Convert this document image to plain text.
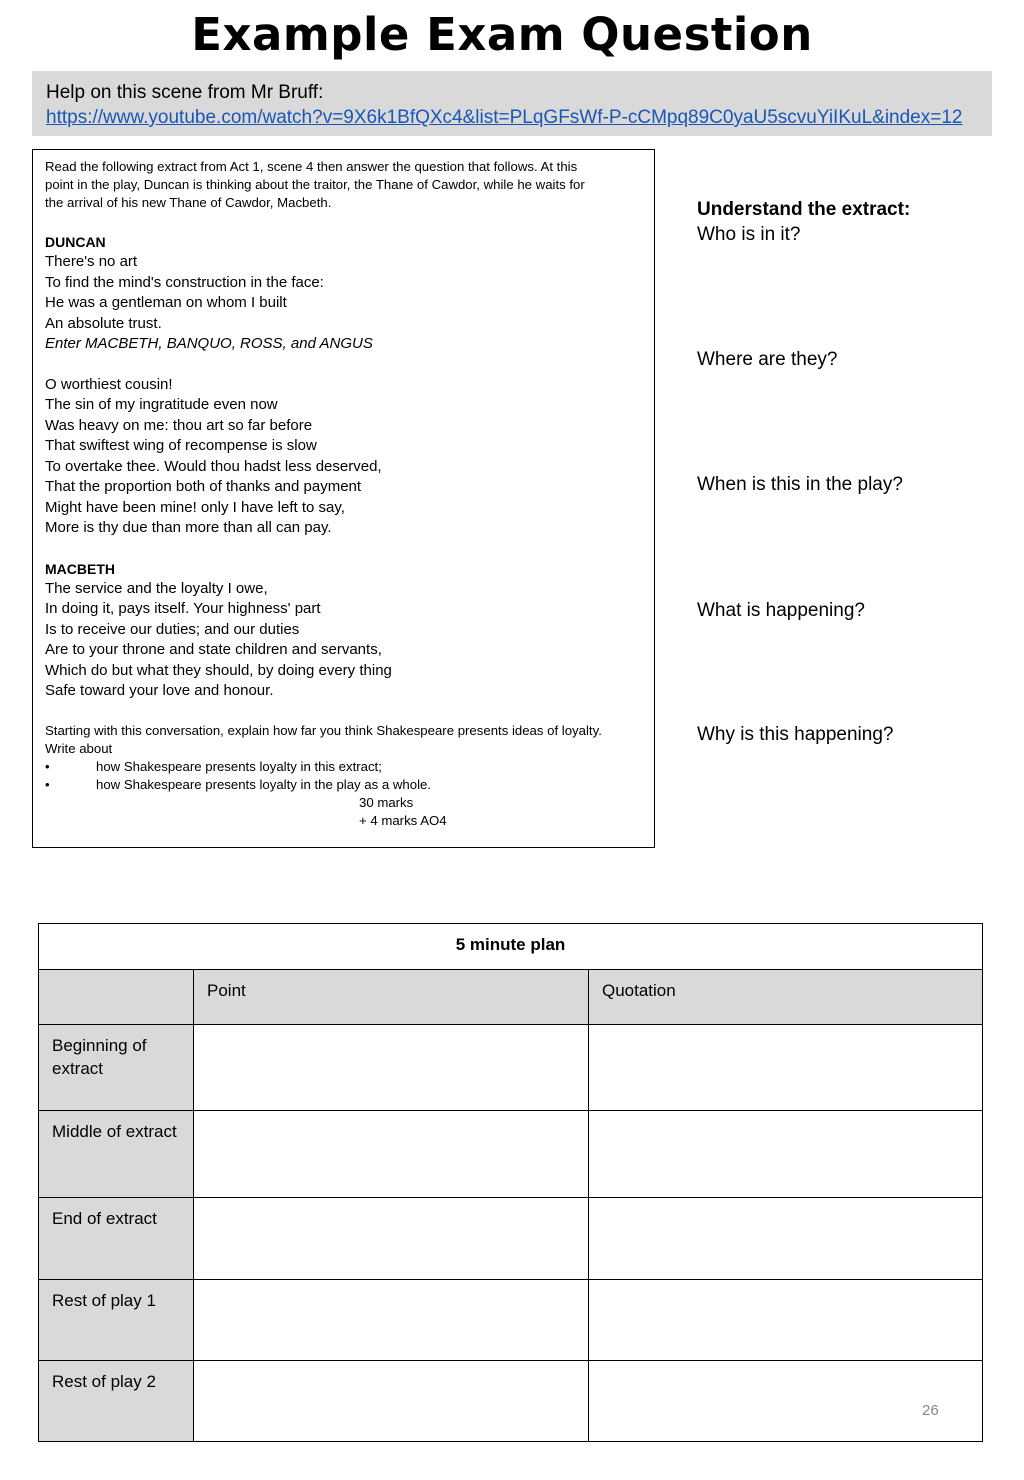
Example Exam Question
Help on this scene from Mr Bruff:
https://www.youtube.com/watch?v=9X6k1BfQXc4&list=PLqGFsWf-P-cCMpq89C0yaU5scvuYiIKuL&index=12
Read the following extract from Act 1, scene 4 then answer the question that follows. At this
point in the play, Duncan is thinking about the traitor, the Thane of Cawdor, while he waits for
the arrival of his new Thane of Cawdor, Macbeth.
DUNCAN
There's no art
To find the mind's construction in the face:
He was a gentleman on whom I built
An absolute trust.
Enter MACBETH, BANQUO, ROSS, and ANGUS
O worthiest cousin!
The sin of my ingratitude even now
Was heavy on me: thou art so far before
That swiftest wing of recompense is slow
To overtake thee. Would thou hadst less deserved,
That the proportion both of thanks and payment
Might have been mine! only I have left to say,
More is thy due than more than all can pay.
MACBETH
The service and the loyalty I owe,
In doing it, pays itself. Your highness' part
Is to receive our duties; and our duties
Are to your throne and state children and servants,
Which do but what they should, by doing every thing
Safe toward your love and honour.
Starting with this conversation, explain how far you think Shakespeare presents ideas of loyalty.
Write about
•	how Shakespeare presents loyalty in this extract;
•	how Shakespeare presents loyalty in the play as a whole.
30 marks
+ 4 marks AO4
Understand the extract:
Who is in it?
Where are they?
When is this in the play?
What is happening?
Why is this happening?
5 minute plan		
	Point	Quotation
Beginning of extract		
Middle of extract		
End of extract		
Rest of play 1		
Rest of play 2		
26
